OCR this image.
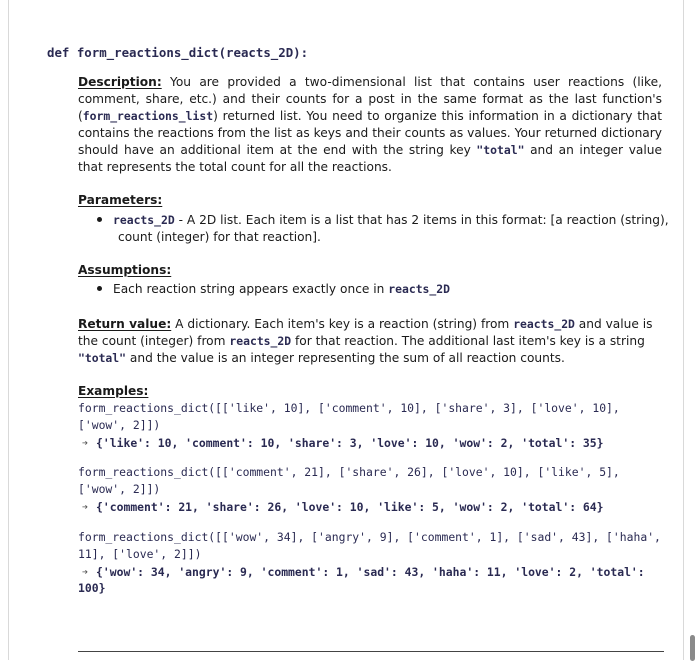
def form_reactions_dict(reacts_2D):
Description: You are provided a two-dimensional list that contains user reactions (like, comment, share, etc.) and their counts for a post in the same format as the last function's (form_reactions_list) returned list. You need to organize this information in a dictionary that contains the reactions from the list as keys and their counts as values. Your returned dictionary should have an additional item at the end with the string key "total" and an integer value that represents the total count for all the reactions.
Parameters:
reacts_2D - A 2D list. Each item is a list that has 2 items in this format: [a reaction (string),
count (integer) for that reaction].
Assumptions:
Each reaction string appears exactly once in reacts_2D
Return value: A dictionary. Each item's key is a reaction (string) from reacts_2D and value is the count (integer) from reacts_2D for that reaction. The additional last item's key is a string "total" and the value is an integer representing the sum of all reaction counts.
Examples:
form_reactions_dict([['like', 10], ['comment', 10], ['share', 3], ['love', 10],
['wow', 2]])
➔ {'like': 10, 'comment': 10, 'share': 3, 'love': 10, 'wow': 2, 'total': 35}
form_reactions_dict([['comment', 21], ['share', 26], ['love', 10], ['like', 5],
['wow', 2]])
➔ {'comment': 21, 'share': 26, 'love': 10, 'like': 5, 'wow': 2, 'total': 64}
form_reactions_dict([['wow', 34], ['angry', 9], ['comment', 1], ['sad', 43], ['haha',
11], ['love', 2]])
➔ {'wow': 34, 'angry': 9, 'comment': 1, 'sad': 43, 'haha': 11, 'love': 2, 'total':
100}
